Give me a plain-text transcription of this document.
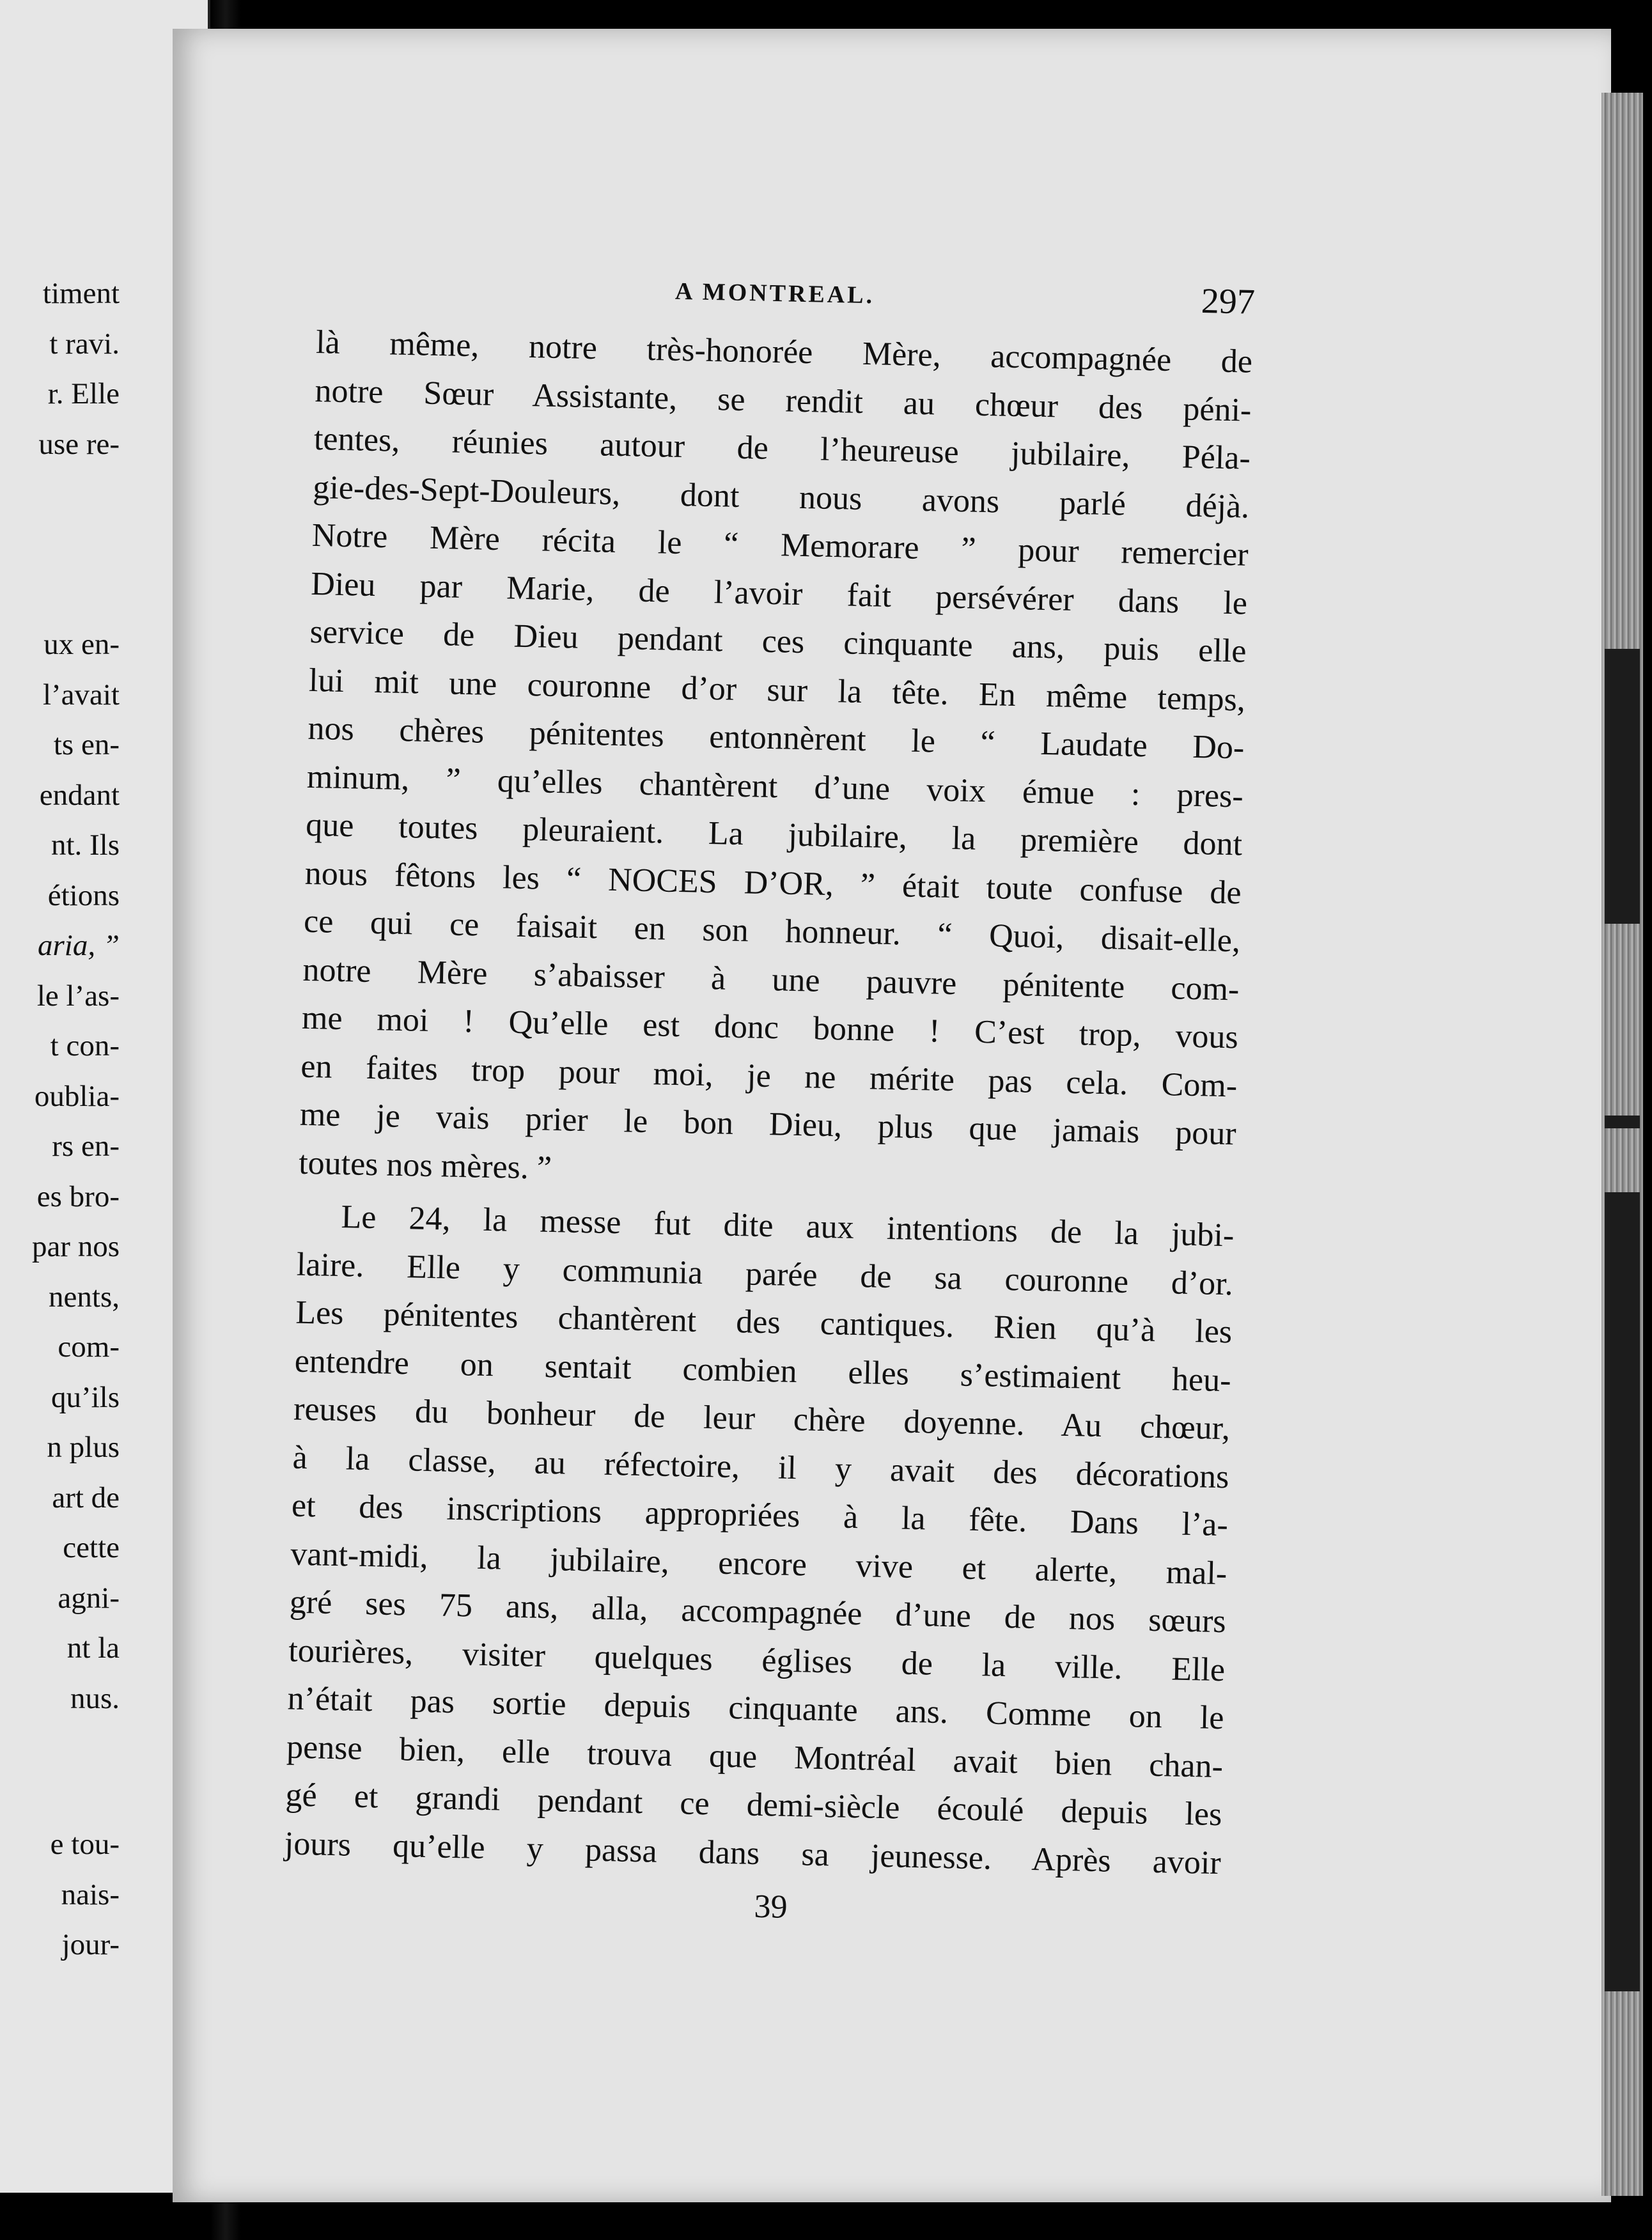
timent
t ravi.
r. Elle
use re-
ux en-
l’avait
ts en-
endant
nt. Ils
étions
aria, ”
le l’as-
t con-
oublia-
rs en-
es bro-
par nos
nents,
com-
qu’ils
n plus
art de
cette
agni-
nt la
nus.
e tou-
nais-
jour-
A MONTREAL.	297
là même, notre très-honorée Mère, accompagnée de
notre Sœur Assistante, se rendit au chœur des péni-
tentes, réunies autour de l’heureuse jubilaire, Péla-
gie-des-Sept-Douleurs, dont nous avons parlé déjà.
Notre Mère récita le “ Memorare ” pour remercier
Dieu par Marie, de l’avoir fait persévérer dans le
service de Dieu pendant ces cinquante ans, puis elle
lui mit une couronne d’or sur la tête. En même temps,
nos chères pénitentes entonnèrent le “ Laudate Do-
minum, ” qu’elles chantèrent d’une voix émue : pres-
que toutes pleuraient. La jubilaire, la première dont
nous fêtons les “ NOCES D’OR, ” était toute confuse de
ce qui ce faisait en son honneur. “ Quoi, disait-elle,
notre Mère s’abaisser à une pauvre pénitente com-
me moi ! Qu’elle est donc bonne ! C’est trop, vous
en faites trop pour moi, je ne mérite pas cela. Com-
me je vais prier le bon Dieu, plus que jamais pour
toutes nos mères. ”
Le 24, la messe fut dite aux intentions de la jubi-
laire. Elle y communia parée de sa couronne d’or.
Les pénitentes chantèrent des cantiques. Rien qu’à les
entendre on sentait combien elles s’estimaient heu-
reuses du bonheur de leur chère doyenne. Au chœur,
à la classe, au réfectoire, il y avait des décorations
et des inscriptions appropriées à la fête. Dans l’a-
vant-midi, la jubilaire, encore vive et alerte, mal-
gré ses 75 ans, alla, accompagnée d’une de nos sœurs
tourières, visiter quelques églises de la ville. Elle
n’était pas sortie depuis cinquante ans. Comme on le
pense bien, elle trouva que Montréal avait bien chan-
gé et grandi pendant ce demi-siècle écoulé depuis les
jours qu’elle y passa dans sa jeunesse. Après avoir
39
